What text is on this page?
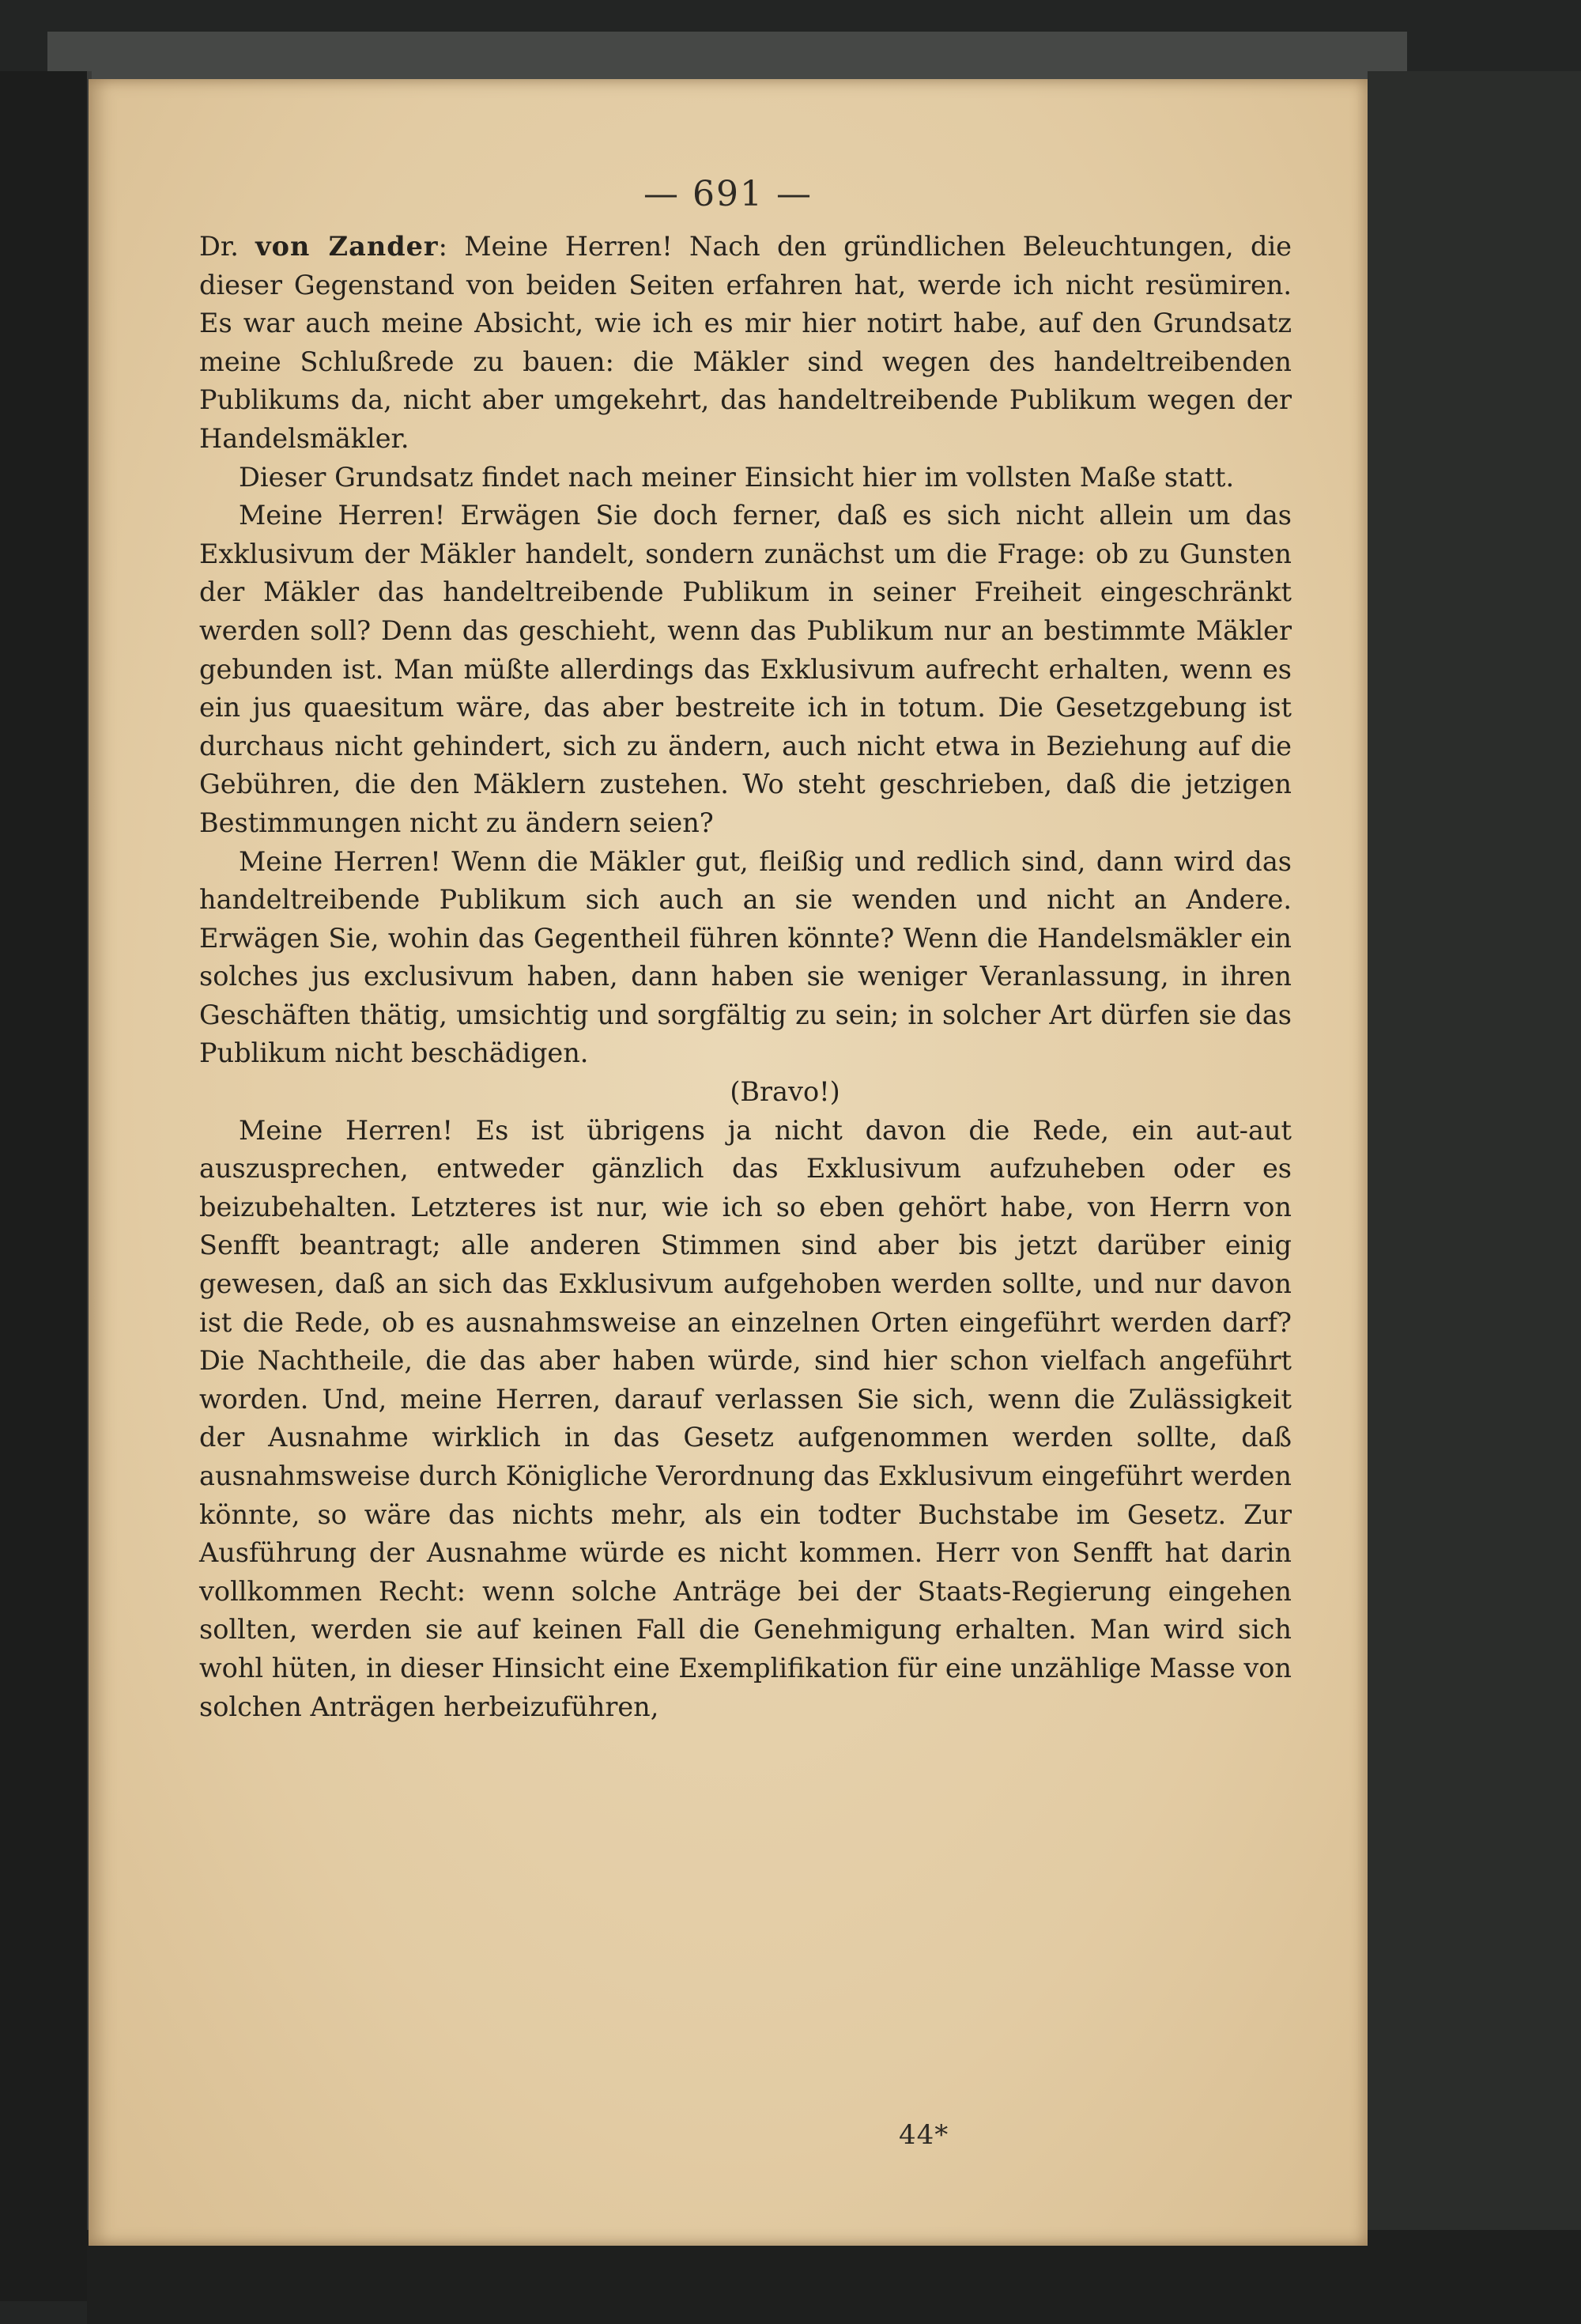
— 691 —

Dr. von Zander: Meine Herren! Nach den gründlichen Beleuchtungen, die dieser Gegenstand von beiden Seiten erfahren hat, werde ich nicht resümiren. Es war auch meine Absicht, wie ich es mir hier notirt habe, auf den Grundsatz meine Schlußrede zu bauen: die Mäkler sind wegen des handeltreibenden Publikums da, nicht aber umgekehrt, das handeltreibende Publikum wegen der Handelsmäkler.

Dieser Grundsatz findet nach meiner Einsicht hier im vollsten Maße statt.

Meine Herren! Erwägen Sie doch ferner, daß es sich nicht allein um das Exklusivum der Mäkler handelt, sondern zunächst um die Frage: ob zu Gunsten der Mäkler das handeltreibende Publikum in seiner Freiheit eingeschränkt werden soll? Denn das geschieht, wenn das Publikum nur an bestimmte Mäkler gebunden ist. Man müßte allerdings das Exklusivum aufrecht erhalten, wenn es ein jus quaesitum wäre, das aber bestreite ich in totum. Die Gesetzgebung ist durchaus nicht gehindert, sich zu ändern, auch nicht etwa in Beziehung auf die Gebühren, die den Mäklern zustehen. Wo steht geschrieben, daß die jetzigen Bestimmungen nicht zu ändern seien?

Meine Herren! Wenn die Mäkler gut, fleißig und redlich sind, dann wird das handeltreibende Publikum sich auch an sie wenden und nicht an Andere. Erwägen Sie, wohin das Gegentheil führen könnte? Wenn die Handelsmäkler ein solches jus exclusivum haben, dann haben sie weniger Veranlassung, in ihren Geschäften thätig, umsichtig und sorgfältig zu sein; in solcher Art dürfen sie das Publikum nicht beschädigen.

(Bravo!)

Meine Herren! Es ist übrigens ja nicht davon die Rede, ein aut-aut auszusprechen, entweder gänzlich das Exklusivum aufzuheben oder es beizubehalten. Letzteres ist nur, wie ich so eben gehört habe, von Herrn von Senfft beantragt; alle anderen Stimmen sind aber bis jetzt darüber einig gewesen, daß an sich das Exklusivum aufgehoben werden sollte, und nur davon ist die Rede, ob es ausnahmsweise an einzelnen Orten eingeführt werden darf? Die Nachtheile, die das aber haben würde, sind hier schon vielfach angeführt worden. Und, meine Herren, darauf verlassen Sie sich, wenn die Zulässigkeit der Ausnahme wirklich in das Gesetz aufgenommen werden sollte, daß ausnahmsweise durch Königliche Verordnung das Exklusivum eingeführt werden könnte, so wäre das nichts mehr, als ein todter Buchstabe im Gesetz. Zur Ausführung der Ausnahme würde es nicht kommen. Herr von Senfft hat darin vollkommen Recht: wenn solche Anträge bei der Staats-Regierung eingehen sollten, werden sie auf keinen Fall die Genehmigung erhalten. Man wird sich wohl hüten, in dieser Hinsicht eine Exemplifikation für eine unzählige Masse von solchen Anträgen herbeizuführen,

44*
